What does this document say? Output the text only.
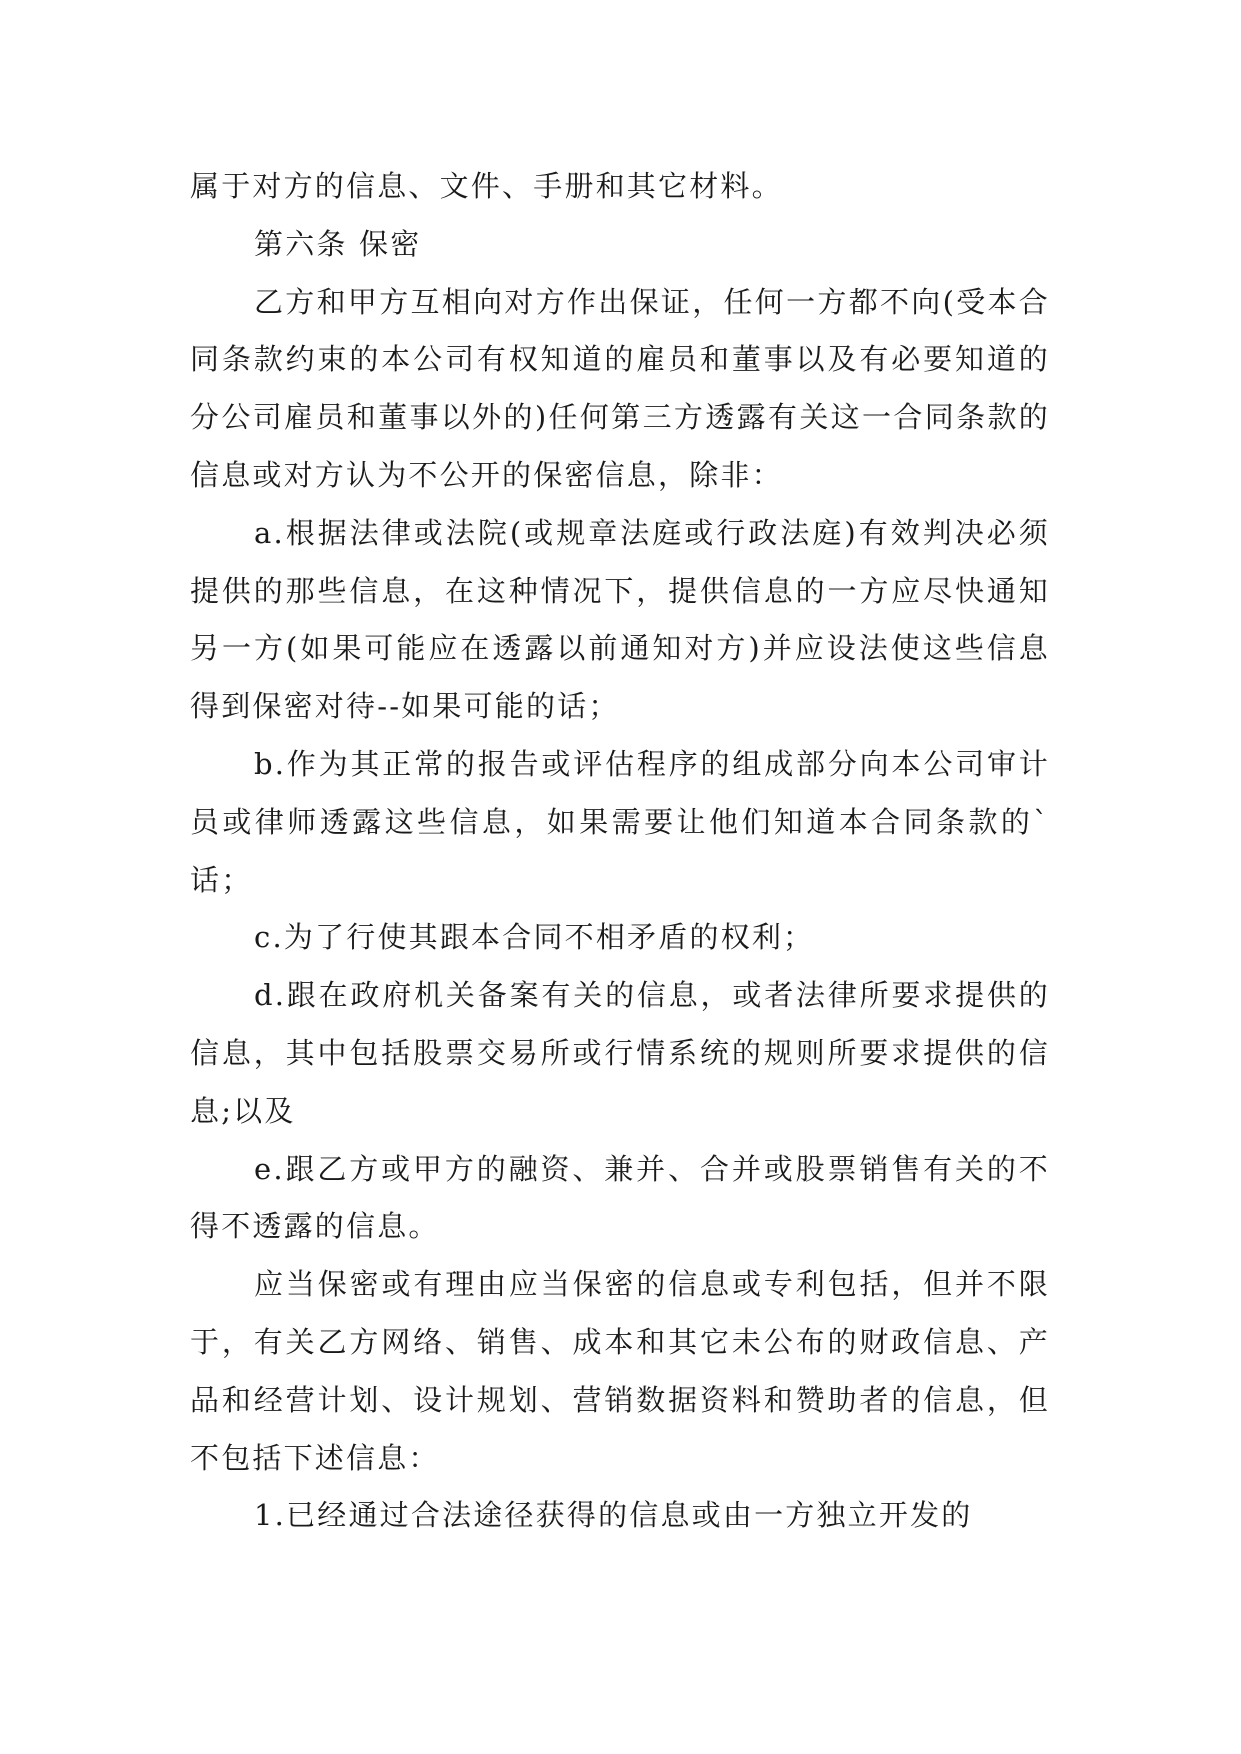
属于对方的信息、文件、手册和其它材料。

第六条 保密

乙方和甲方互相向对方作出保证，任何一方都不向(受本合同条款约束的本公司有权知道的雇员和董事以及有必要知道的分公司雇员和董事以外的)任何第三方透露有关这一合同条款的信息或对方认为不公开的保密信息，除非：

a.根据法律或法院(或规章法庭或行政法庭)有效判决必须提供的那些信息，在这种情况下，提供信息的一方应尽快通知另一方(如果可能应在透露以前通知对方)并应设法使这些信息得到保密对待--如果可能的话；

b.作为其正常的报告或评估程序的组成部分向本公司审计员或律师透露这些信息，如果需要让他们知道本合同条款的`话；

c.为了行使其跟本合同不相矛盾的权利；

d.跟在政府机关备案有关的信息，或者法律所要求提供的信息，其中包括股票交易所或行情系统的规则所要求提供的信息;以及

e.跟乙方或甲方的融资、兼并、合并或股票销售有关的不得不透露的信息。

应当保密或有理由应当保密的信息或专利包括，但并不限于，有关乙方网络、销售、成本和其它未公布的财政信息、产品和经营计划、设计规划、营销数据资料和赞助者的信息，但不包括下述信息：

1.已经通过合法途径获得的信息或由一方独立开发的
